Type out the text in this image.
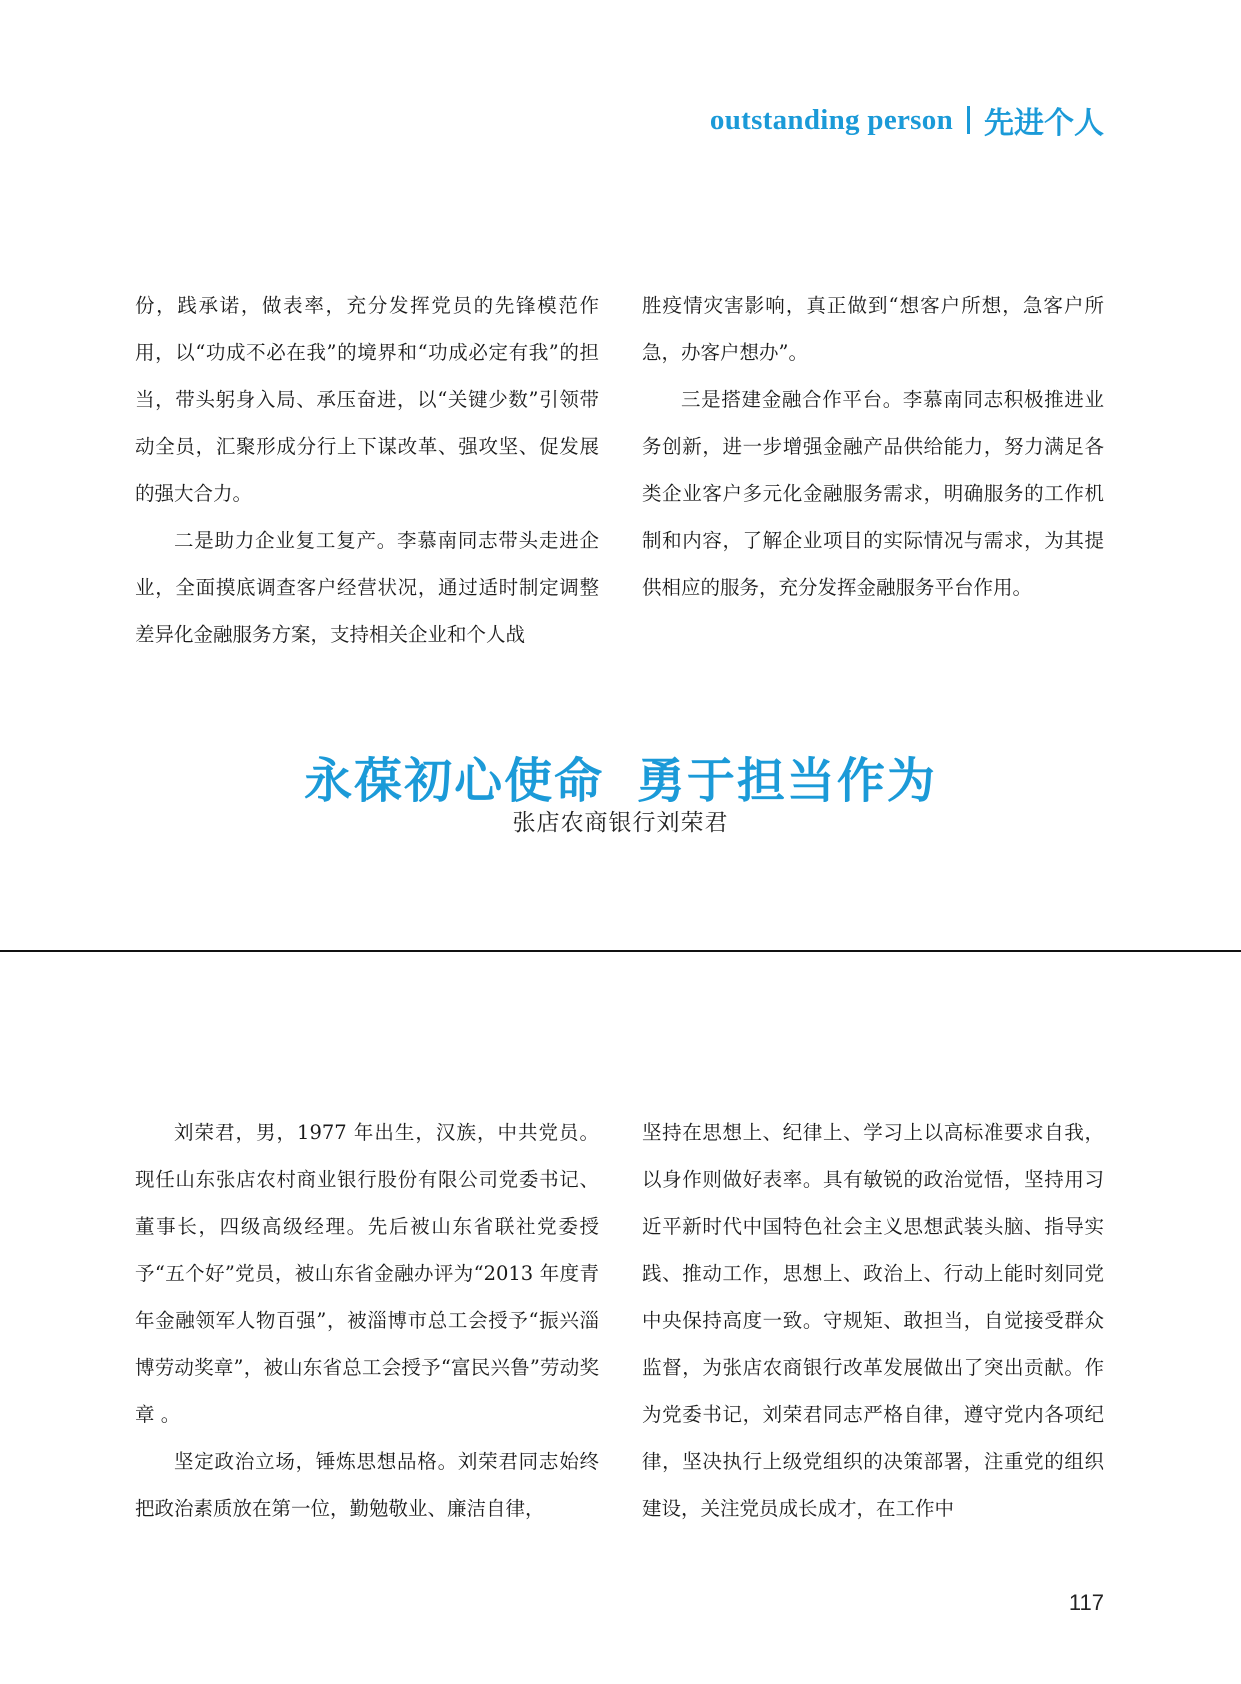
outstanding person 先进个人

份，践承诺，做表率，充分发挥党员的先锋模范作用，以“功成不必在我”的境界和“功成必定有我”的担当，带头躬身入局、承压奋进，以“关键少数”引领带动全员，汇聚形成分行上下谋改革、强攻坚、促发展的强大合力。

二是助力企业复工复产。李慕南同志带头走进企业，全面摸底调查客户经营状况，通过适时制定调整差异化金融服务方案，支持相关企业和个人战

胜疫情灾害影响，真正做到“想客户所想，急客户所急，办客户想办”。

三是搭建金融合作平台。李慕南同志积极推进业务创新，进一步增强金融产品供给能力，努力满足各类企业客户多元化金融服务需求，明确服务的工作机制和内容，了解企业项目的实际情况与需求，为其提供相应的服务，充分发挥金融服务平台作用。

永葆初心使命 勇于担当作为
张店农商银行刘荣君

刘荣君，男，1977 年出生，汉族，中共党员。现任山东张店农村商业银行股份有限公司党委书记、董事长，四级高级经理。先后被山东省联社党委授予“五个好”党员，被山东省金融办评为“2013 年度青年金融领军人物百强”，被淄博市总工会授予“振兴淄博劳动奖章”，被山东省总工会授予“富民兴鲁”劳动奖章 。

坚定政治立场，锤炼思想品格。刘荣君同志始终把政治素质放在第一位，勤勉敬业、廉洁自律，

坚持在思想上、纪律上、学习上以高标准要求自我，以身作则做好表率。具有敏锐的政治觉悟，坚持用习近平新时代中国特色社会主义思想武装头脑、指导实践、推动工作，思想上、政治上、行动上能时刻同党中央保持高度一致。守规矩、敢担当，自觉接受群众监督，为张店农商银行改革发展做出了突出贡献。作为党委书记，刘荣君同志严格自律，遵守党内各项纪律，坚决执行上级党组织的决策部署，注重党的组织建设，关注党员成长成才，在工作中

117
